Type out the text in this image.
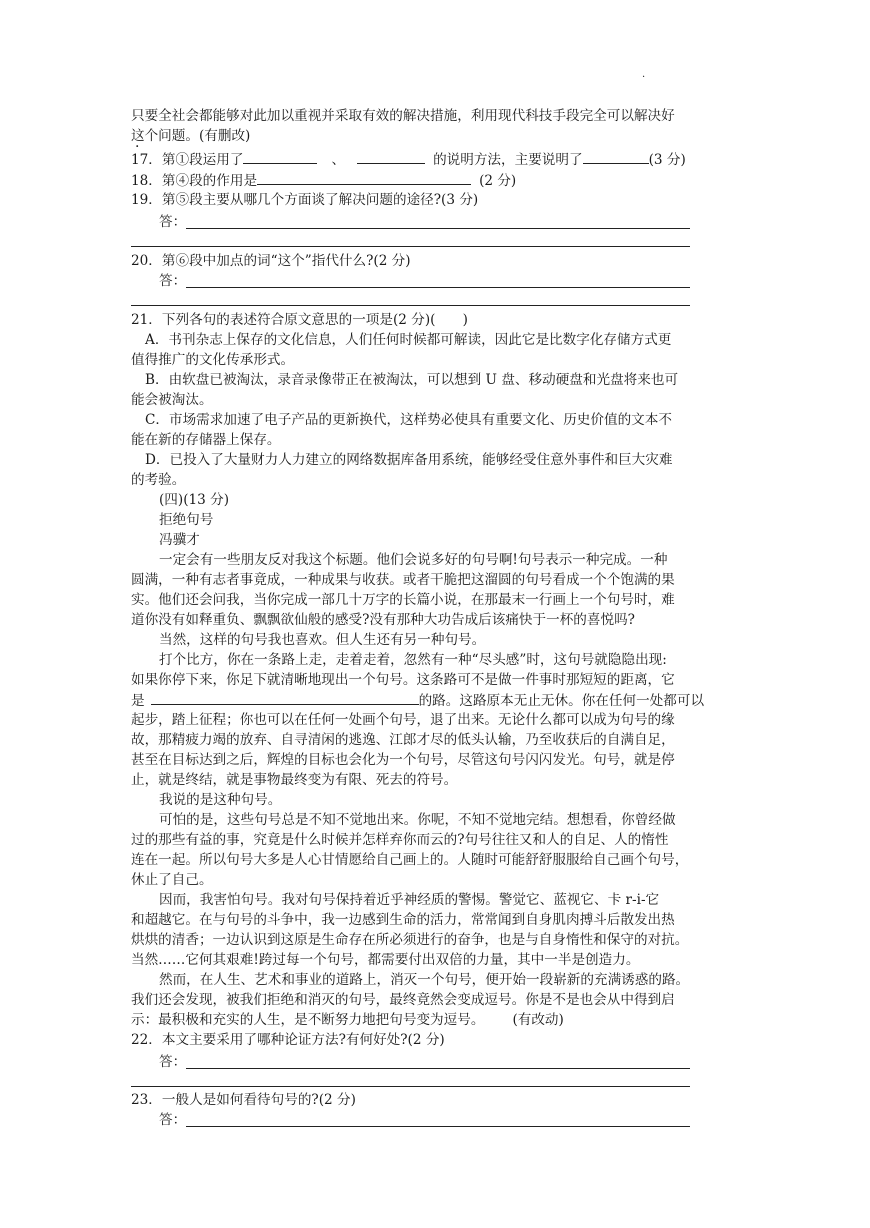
.
只要全社会都能够对此加以重视并采取有效的解决措施，利用现代科技手段完全可以解决好
这个问题。(有删改)
17．第①段运用了	、	的说明方法，主要说明了	(3 分)
18．第④段的作用是	(2 分)
19．第⑤段主要从哪几个方面谈了解决问题的途径?(3 分)
答：
20．第⑥段中加点的词“这个”指代什么?(2 分)
答：
21．下列各句的表述符合原文意思的一项是(2 分)(　　)
A．书刊杂志上保存的文化信息，人们任何时候都可解读，因此它是比数字化存储方式更
值得推广的文化传承形式。
B．由软盘已被淘汰，录音录像带正在被淘汰，可以想到 U 盘、移动硬盘和光盘将来也可
能会被淘汰。
C．市场需求加速了电子产品的更新换代，这样势必使具有重要文化、历史价值的文本不
能在新的存储器上保存。
D．已投入了大量财力人力建立的网络数据库备用系统，能够经受住意外事件和巨大灾难
的考验。
(四)(13 分)
拒绝句号
冯骥才
一定会有一些朋友反对我这个标题。他们会说多好的句号啊!句号表示一种完成。一种
圆满，一种有志者事竟成，一种成果与收获。或者干脆把这溜圆的句号看成一个个饱满的果
实。他们还会问我，当你完成一部几十万字的长篇小说，在那最末一行画上一个句号时，难
道你没有如释重负、飘飘欲仙般的感受?没有那种大功告成后该痛快于一杯的喜悦吗?
当然，这样的句号我也喜欢。但人生还有另一种句号。
打个比方，你在一条路上走，走着走着，忽然有一种“尽头感”时，这句号就隐隐出现:
如果你停下来，你足下就清晰地现出一个句号。这条路可不是做一件事时那短短的距离，它
是	的路。这路原本无止无休。你在任何一处都可以
起步，踏上征程；你也可以在任何一处画个句号，退了出来。无论什么都可以成为句号的缘
故，那精疲力竭的放弃、自寻清闲的逃逸、江郎才尽的低头认输，乃至收获后的自满自足，
甚至在目标达到之后，辉煌的目标也会化为一个句号，尽管这句号闪闪发光。句号，就是停
止，就是终结，就是事物最终变为有限、死去的符号。
我说的是这种句号。
可怕的是，这些句号总是不知不觉地出来。你呢，不知不觉地完结。想想看，你曾经做
过的那些有益的事，究竟是什么时候并怎样弃你而云的?句号往往又和人的自足、人的惰性
连在一起。所以句号大多是人心甘情愿给自己画上的。人随时可能舒舒服服给自己画个句号，
休止了自己。
因而，我害怕句号。我对句号保持着近乎神经质的警惕。警觉它、蓝视它、卡 r-i-它
和超越它。在与句号的斗争中，我一边感到生命的活力，常常闻到自身肌肉搏斗后散发出热
烘烘的清香；一边认识到这原是生命存在所必须进行的奋争，也是与自身惰性和保守的对抗。
当然……它何其艰难!跨过每一个句号，都需要付出双倍的力量，其中一半是创造力。
然而，在人生、艺术和事业的道路上，消灭一个句号，便开始一段崭新的充满诱惑的路。
我们还会发现，被我们拒绝和消灭的句号，最终竟然会变成逗号。你是不是也会从中得到启
示：最积极和充实的人生，是不断努力地把句号变为逗号。 (有改动)
22．本文主要采用了哪种论证方法?有何好处?(2 分)
答：
23．一般人是如何看待句号的?(2 分)
答：
